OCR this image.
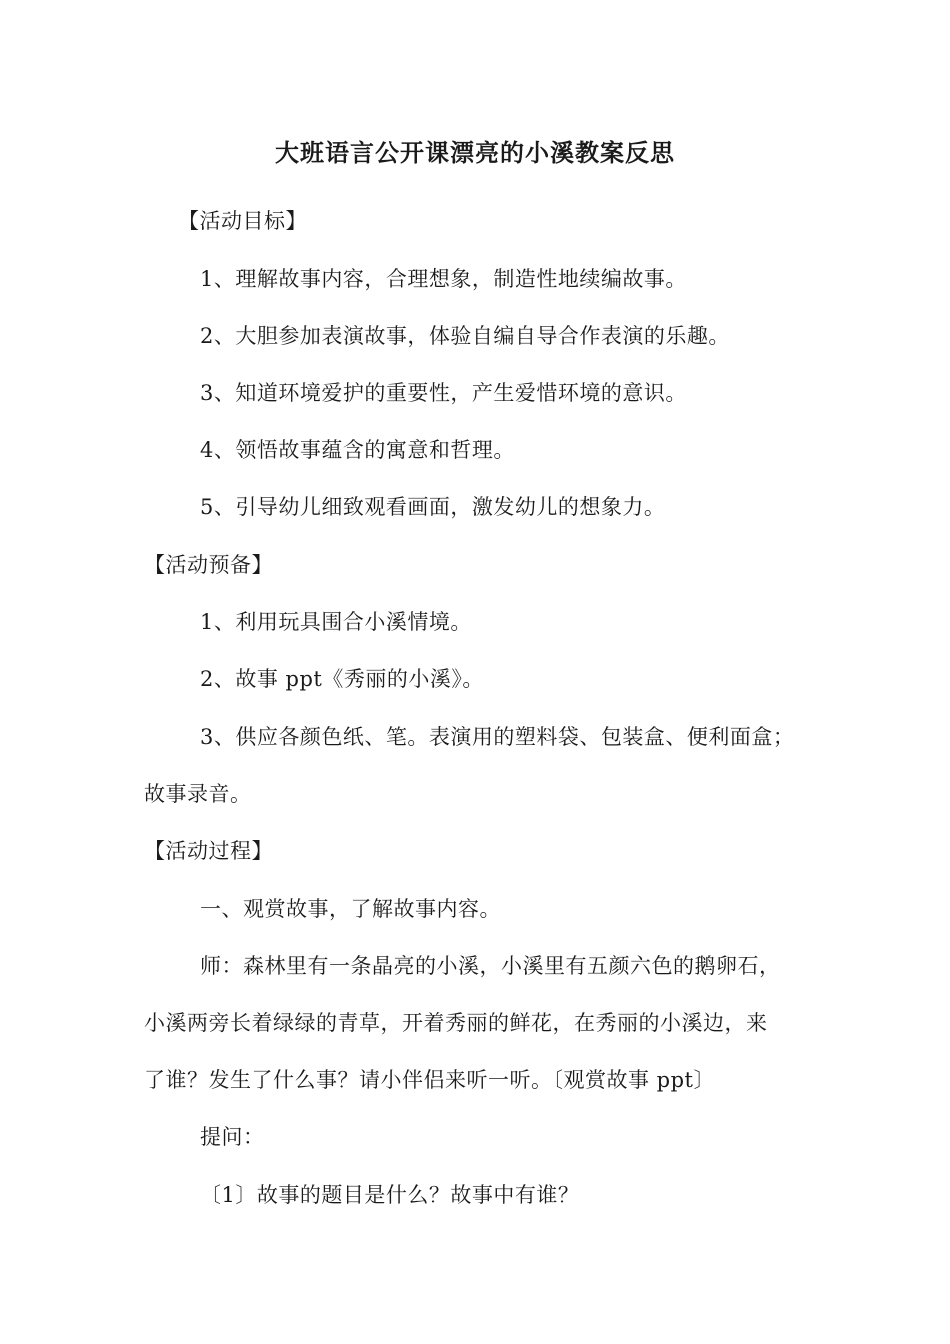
大班语言公开课漂亮的小溪教案反思
【活动目标】
1、理解故事内容，合理想象，制造性地续编故事。
2、大胆参加表演故事，体验自编自导合作表演的乐趣。
3、知道环境爱护的重要性，产生爱惜环境的意识。
4、领悟故事蕴含的寓意和哲理。
5、引导幼儿细致观看画面，激发幼儿的想象力。
【活动预备】
1、利用玩具围合小溪情境。
2、故事 ppt《秀丽的小溪》。
3、供应各颜色纸、笔。表演用的塑料袋、包装盒、便利面盒；
故事录音。
【活动过程】
一、观赏故事，了解故事内容。
师：森林里有一条晶亮的小溪，小溪里有五颜六色的鹅卵石，
小溪两旁长着绿绿的青草，开着秀丽的鲜花，在秀丽的小溪边，来
了谁？发生了什么事？请小伴侣来听一听。〔观赏故事 ppt〕
提问：
〔1〕故事的题目是什么？故事中有谁？
